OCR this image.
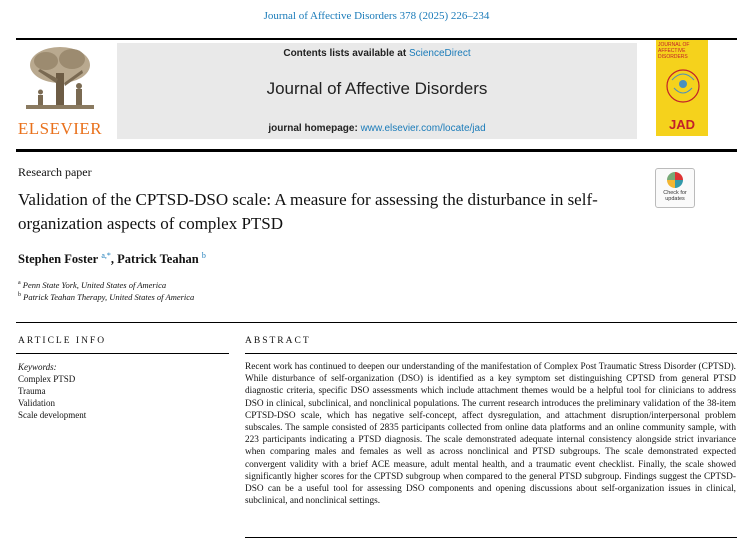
Journal of Affective Disorders 378 (2025) 226–234
ELSEVIER
Contents lists available at ScienceDirect
Journal of Affective Disorders
journal homepage: www.elsevier.com/locate/jad
JOURNAL OF AFFECTIVE DISORDERS
JAD
Research paper
Validation of the CPTSD-DSO scale: A measure for assessing the disturbance in self-organization aspects of complex PTSD
Check for updates
Stephen Foster $^{a,*}$, Patrick Teahan $^b$
$^a$ Penn State York, United States of America
$^b$ Patrick Teahan Therapy, United States of America
ARTICLE INFO	ABSTRACT
Keywords:
Complex PTSD
Trauma
Validation
Scale development
Recent work has continued to deepen our understanding of the manifestation of Complex Post Traumatic Stress Disorder (CPTSD). While disturbance of self-organization (DSO) is identified as a key symptom set distinguishing CPTSD from general PTSD diagnostic criteria, specific DSO assessments which include attachment themes would be a helpful tool for clinicians to address DSO in clinical, subclinical, and nonclinical populations. The current research introduces the preliminary validation of the 38-item CPTSD-DSO scale, which has negative self-concept, affect dysregulation, and attachment disruption/interpersonal problem subscales. The sample consisted of 2835 participants collected from online data platforms and an online community sample, with 223 participants indicating a PTSD diagnosis. The scale demonstrated adequate internal consistency alongside strict invariance when comparing males and females as well as across nonclinical and PTSD subgroups. The scale demonstrated expected convergent validity with a brief ACE measure, adult mental health, and a traumatic event checklist. Finally, the scale showed significantly higher scores for the CPTSD subgroup when compared to the general PTSD subgroup. Findings suggest the CPTSD-DSO can be a useful tool for assessing DSO components and opening discussions about self-organization issues in clinical, subclinical, and nonclinical settings.
